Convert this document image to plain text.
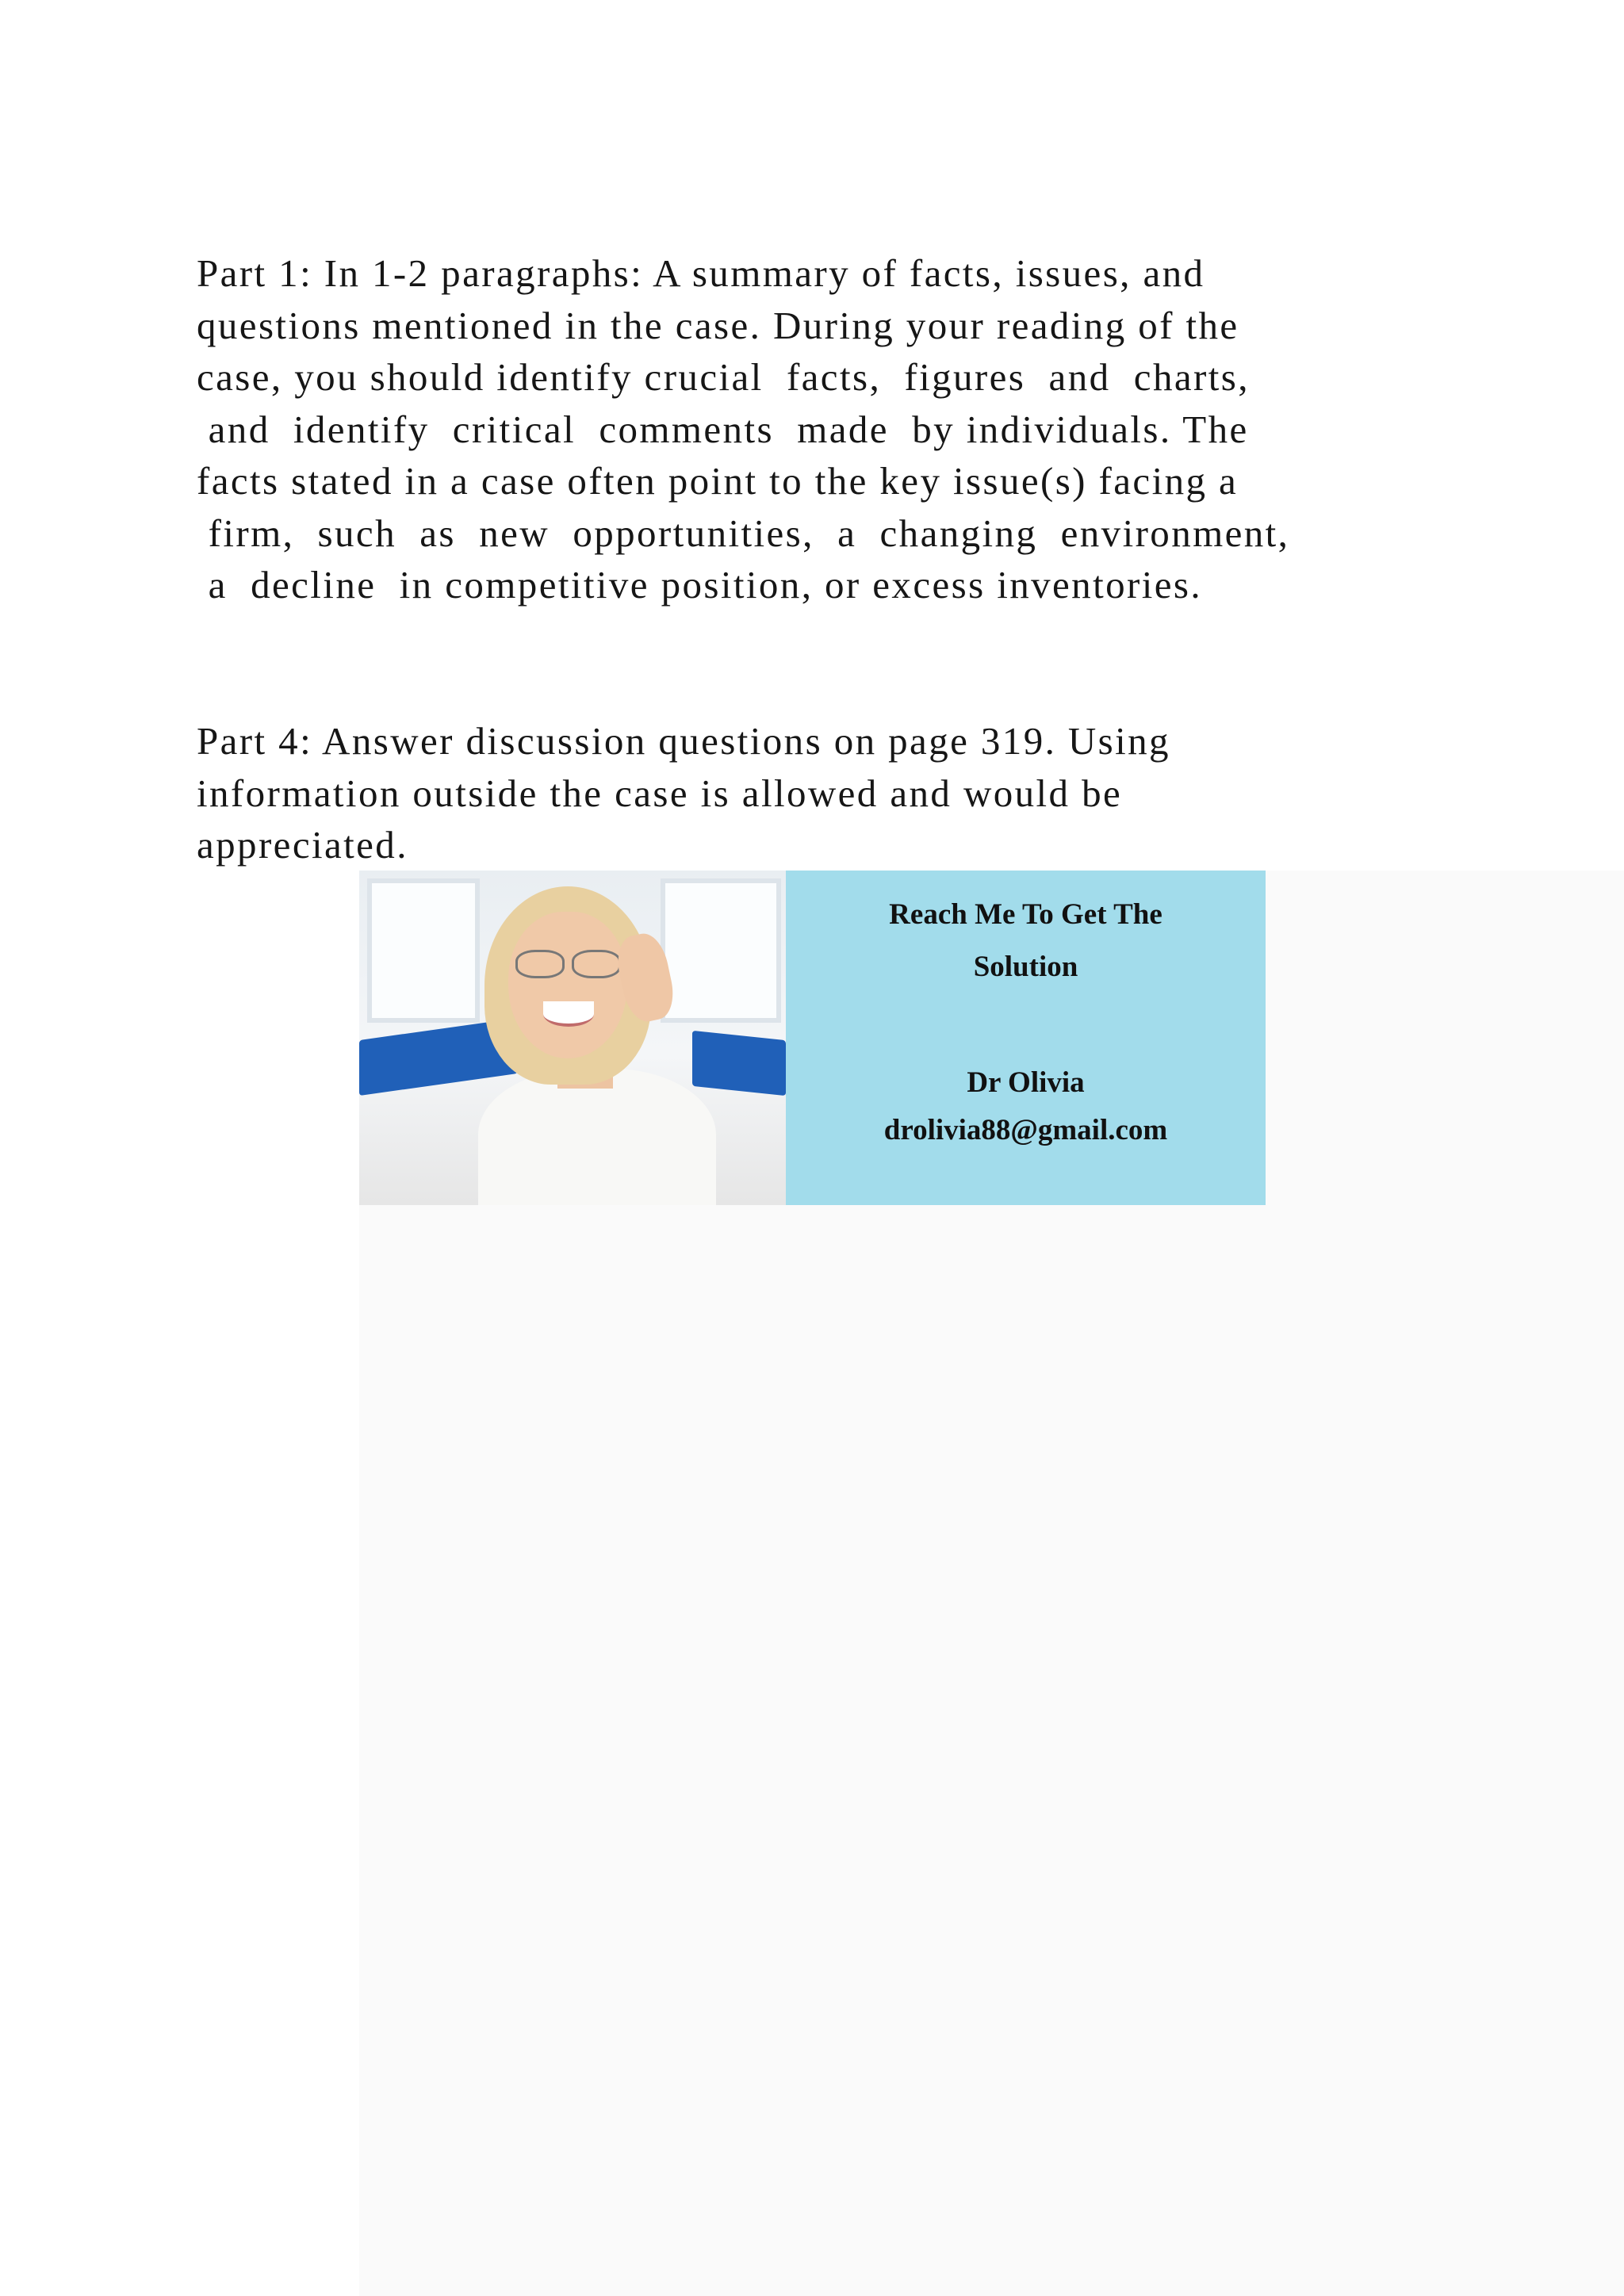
Part 1: In 1-2 paragraphs: A summary of facts, issues, and
questions mentioned in the case. During your reading of the
case, you should identify crucial  facts,  figures  and  charts,
and  identify  critical  comments  made  by individuals. The
facts stated in a case often point to the key issue(s) facing a
firm,  such  as  new  opportunities,  a  changing  environment,
a  decline  in competitive position, or excess inventories.

Part 4: Answer discussion questions on page 319. Using
information outside the case is allowed and would be
appreciated.

Reach Me To Get The
Solution
Dr Olivia
drolivia88@gmail.com
